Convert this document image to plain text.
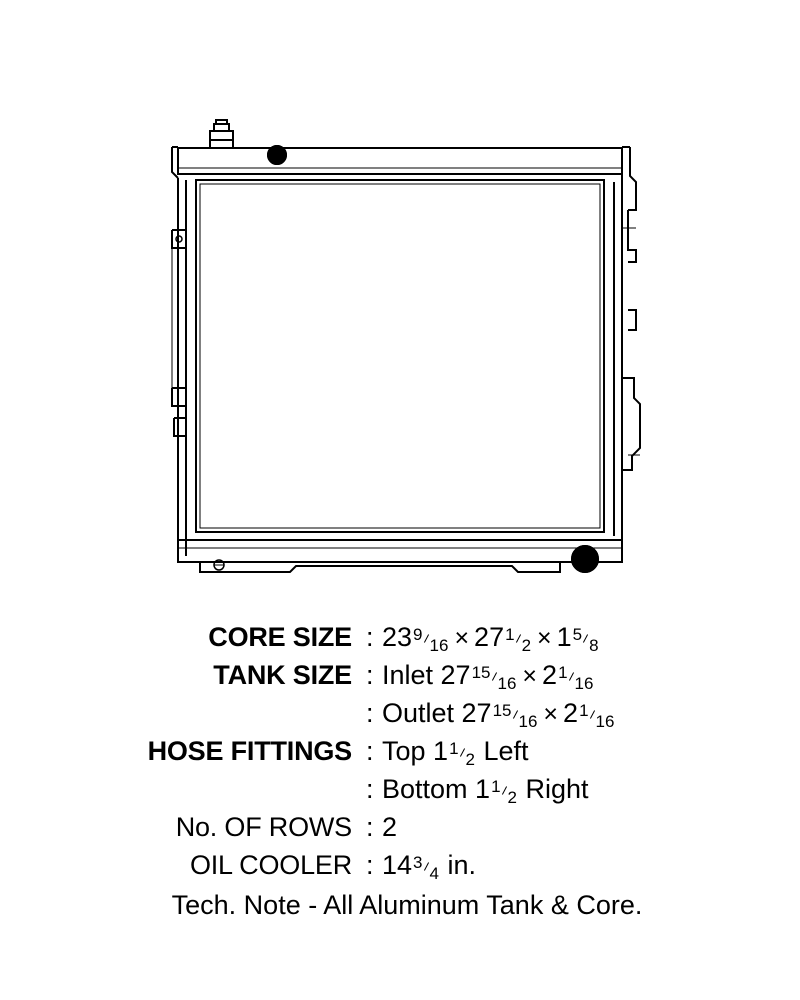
CORE SIZE : $23^916 \times 27^12 \times 1^58$
TANK SIZE : Inlet $27^{15}16 \times 2^116$
: Outlet $27^{15}16 \times 2^116$
HOSE FITTINGS : Top $1^12$ Left
: Bottom $1^12$ Right
No. OF ROWS : 2
OIL COOLER : $14^34$ in.
Tech. Note - All Aluminum Tank & Core.
